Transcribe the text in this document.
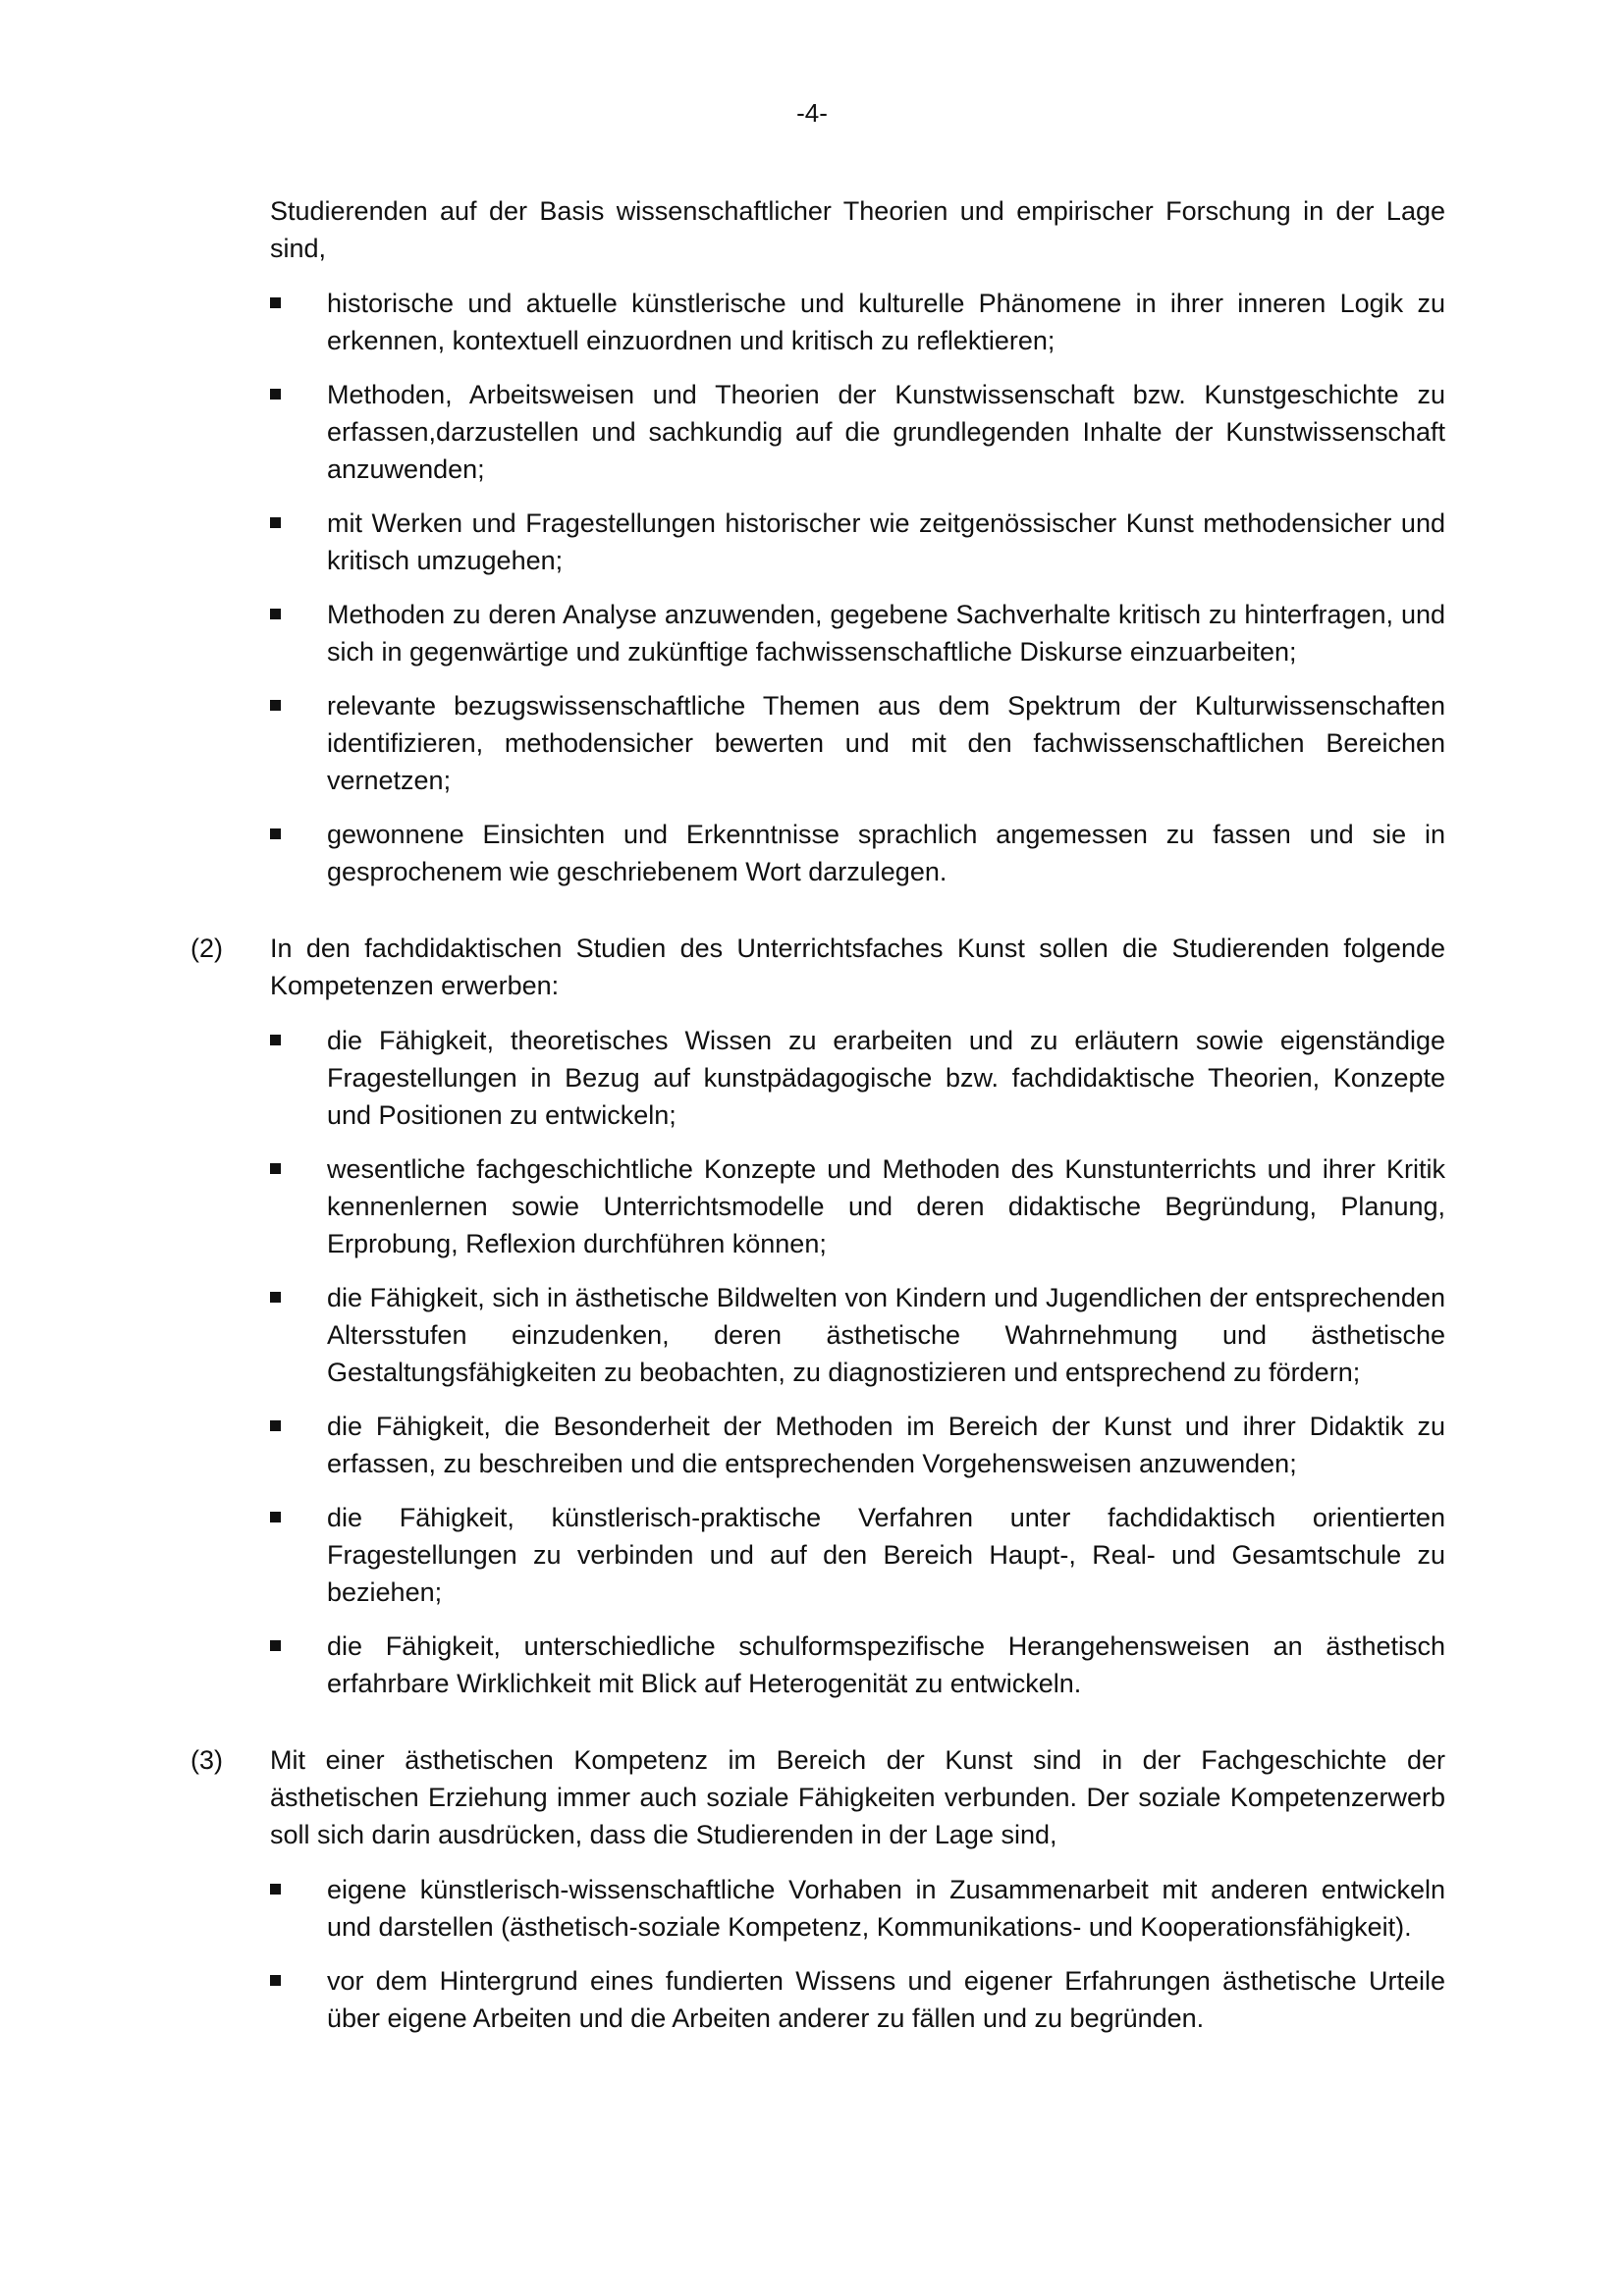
-4-

Studierenden auf der Basis wissenschaftlicher Theorien und empirischer Forschung in der Lage sind,

historische und aktuelle künstlerische und kulturelle Phänomene in ihrer inneren Logik zu erkennen, kontextuell einzuordnen und kritisch zu reflektieren;
Methoden, Arbeitsweisen und Theorien der Kunstwissenschaft bzw. Kunstgeschichte zu erfassen,darzustellen und sachkundig auf die grundlegenden Inhalte der Kunstwissenschaft anzuwenden;
mit Werken und Fragestellungen historischer wie zeitgenössischer Kunst methodensicher und kritisch umzugehen;
Methoden zu deren Analyse anzuwenden, gegebene Sachverhalte kritisch zu hinterfragen, und sich in gegenwärtige und zukünftige fachwissenschaftliche Diskurse einzuarbeiten;
relevante bezugswissenschaftliche Themen aus dem Spektrum der Kulturwissenschaften identifizieren, methodensicher bewerten und mit den fachwissenschaftlichen Bereichen vernetzen;
gewonnene Einsichten und Erkenntnisse sprachlich angemessen zu fassen und sie in gesprochenem wie geschriebenem Wort darzulegen.
(2) In den fachdidaktischen Studien des Unterrichtsfaches Kunst sollen die Studierenden folgende Kompetenzen erwerben:

die Fähigkeit, theoretisches Wissen zu erarbeiten und zu erläutern sowie eigenständige Fragestellungen in Bezug auf kunstpädagogische bzw. fachdidaktische Theorien, Konzepte und Positionen zu entwickeln;
wesentliche fachgeschichtliche Konzepte und Methoden des Kunstunterrichts und ihrer Kritik kennenlernen sowie Unterrichtsmodelle und deren didaktische Begründung, Planung, Erprobung, Reflexion durchführen können;
die Fähigkeit, sich in ästhetische Bildwelten von Kindern und Jugendlichen der entsprechenden Altersstufen einzudenken, deren ästhetische Wahrnehmung und ästhetische Gestaltungsfähigkeiten zu beobachten, zu diagnostizieren und entsprechend zu fördern;
die Fähigkeit, die Besonderheit der Methoden im Bereich der Kunst und ihrer Didaktik zu erfassen, zu beschreiben und die entsprechenden Vorgehensweisen anzuwenden;
die Fähigkeit, künstlerisch-praktische Verfahren unter fachdidaktisch orientierten Fragestellungen zu verbinden und auf den Bereich Haupt-, Real- und Gesamtschule zu beziehen;
die Fähigkeit, unterschiedliche schulformspezifische Herangehensweisen an ästhetisch erfahrbare Wirklichkeit mit Blick auf Heterogenität zu entwickeln.
(3) Mit einer ästhetischen Kompetenz im Bereich der Kunst sind in der Fachgeschichte der ästhetischen Erziehung immer auch soziale Fähigkeiten verbunden. Der soziale Kompetenzerwerb soll sich darin ausdrücken, dass die Studierenden in der Lage sind,

eigene künstlerisch-wissenschaftliche Vorhaben in Zusammenarbeit mit anderen entwickeln und darstellen (ästhetisch-soziale Kompetenz, Kommunikations- und Kooperationsfähigkeit).
vor dem Hintergrund eines fundierten Wissens und eigener Erfahrungen ästhetische Urteile über eigene Arbeiten und die Arbeiten anderer zu fällen und zu begründen.
